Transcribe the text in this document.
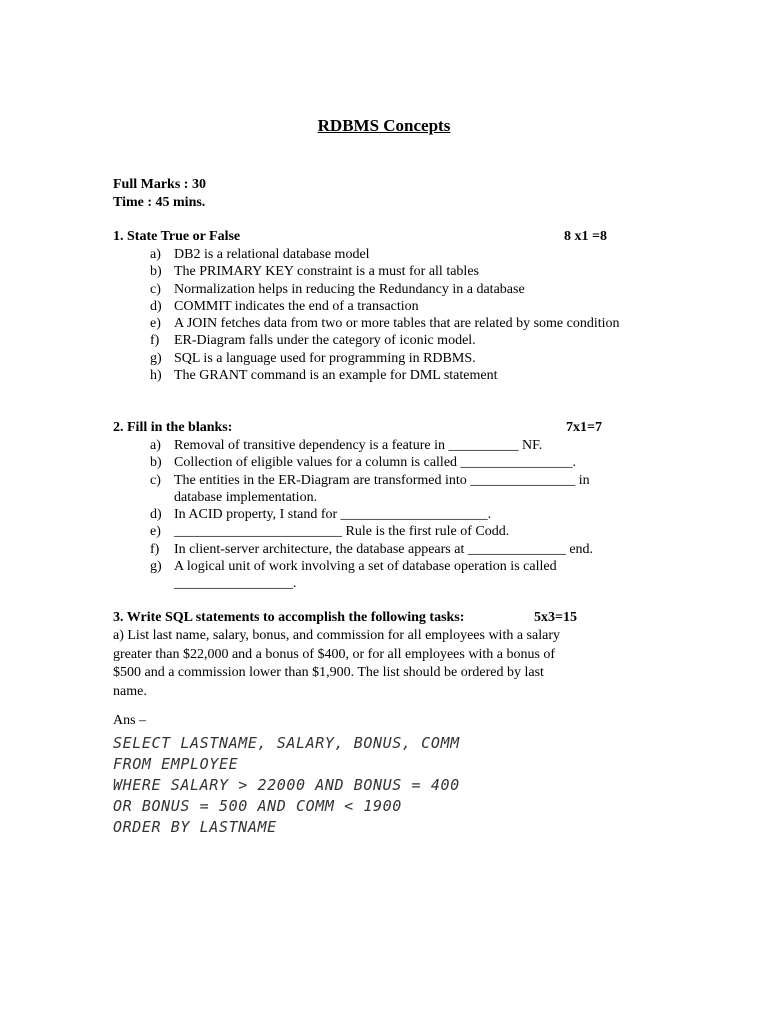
RDBMS Concepts
Full Marks : 30
Time : 45 mins.
1. State True or False	8 x1 =8
a) DB2 is a relational database model
b) The PRIMARY KEY constraint is a must for all tables
c) Normalization helps in reducing the Redundancy in a database
d) COMMIT indicates the end of a transaction
e) A JOIN fetches data from two or more tables that are related by some condition
f) ER-Diagram falls under the category of iconic model.
g) SQL is a language used for programming in RDBMS.
h) The GRANT command is an example for DML statement
2. Fill in the blanks:	7x1=7
a) Removal of transitive dependency is a feature in __________ NF.
b) Collection of eligible values for a column is called ________________.
c) The entities in the ER-Diagram are transformed into _______________ in database implementation.
d) In ACID property, I stand for _____________________.
e) ________________________ Rule is the first rule of Codd.
f) In client-server architecture, the database appears at ______________ end.
g) A logical unit of work involving a set of database operation is called _________________.
3. Write SQL statements to accomplish the following tasks:	5x3=15
a) List last name, salary, bonus, and commission for all employees with a salary greater than $22,000 and a bonus of $400, or for all employees with a bonus of $500 and a commission lower than $1,900. The list should be ordered by last name.
Ans –
SELECT LASTNAME, SALARY, BONUS, COMM
FROM EMPLOYEE
WHERE SALARY > 22000 AND BONUS = 400
OR BONUS = 500 AND COMM < 1900
ORDER BY LASTNAME
